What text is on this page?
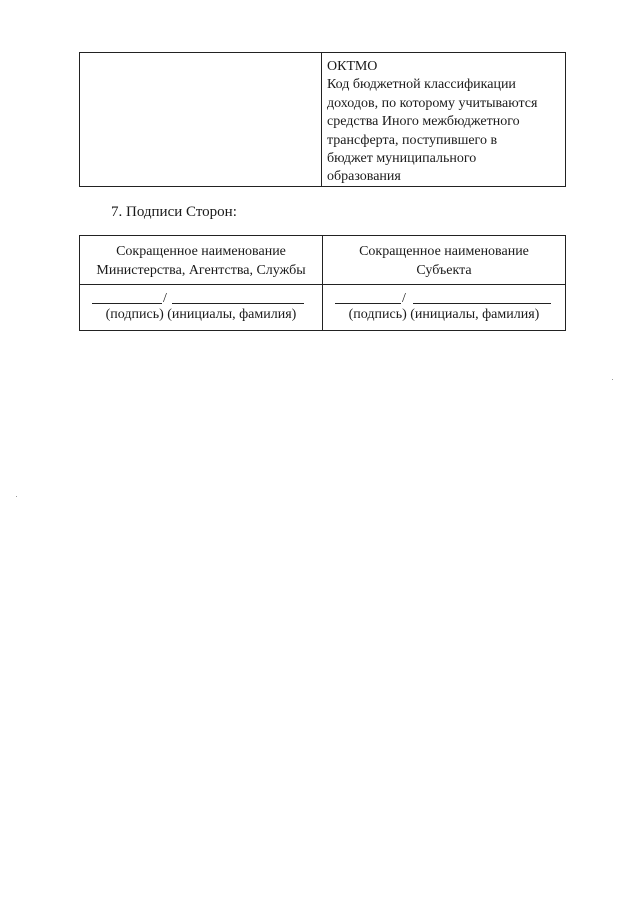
ОКТМО
Код бюджетной классификации
доходов, по которому учитываются
средства Иного межбюджетного
трансферта, поступившего в
бюджет муниципального
образования
7. Подписи Сторон:
Сокращенное наименование
Министерства, Агентства, Службы
Сокращенное наименование
Субъекта
/
(подпись) (инициалы, фамилия)
/
(подпись) (инициалы, фамилия)
